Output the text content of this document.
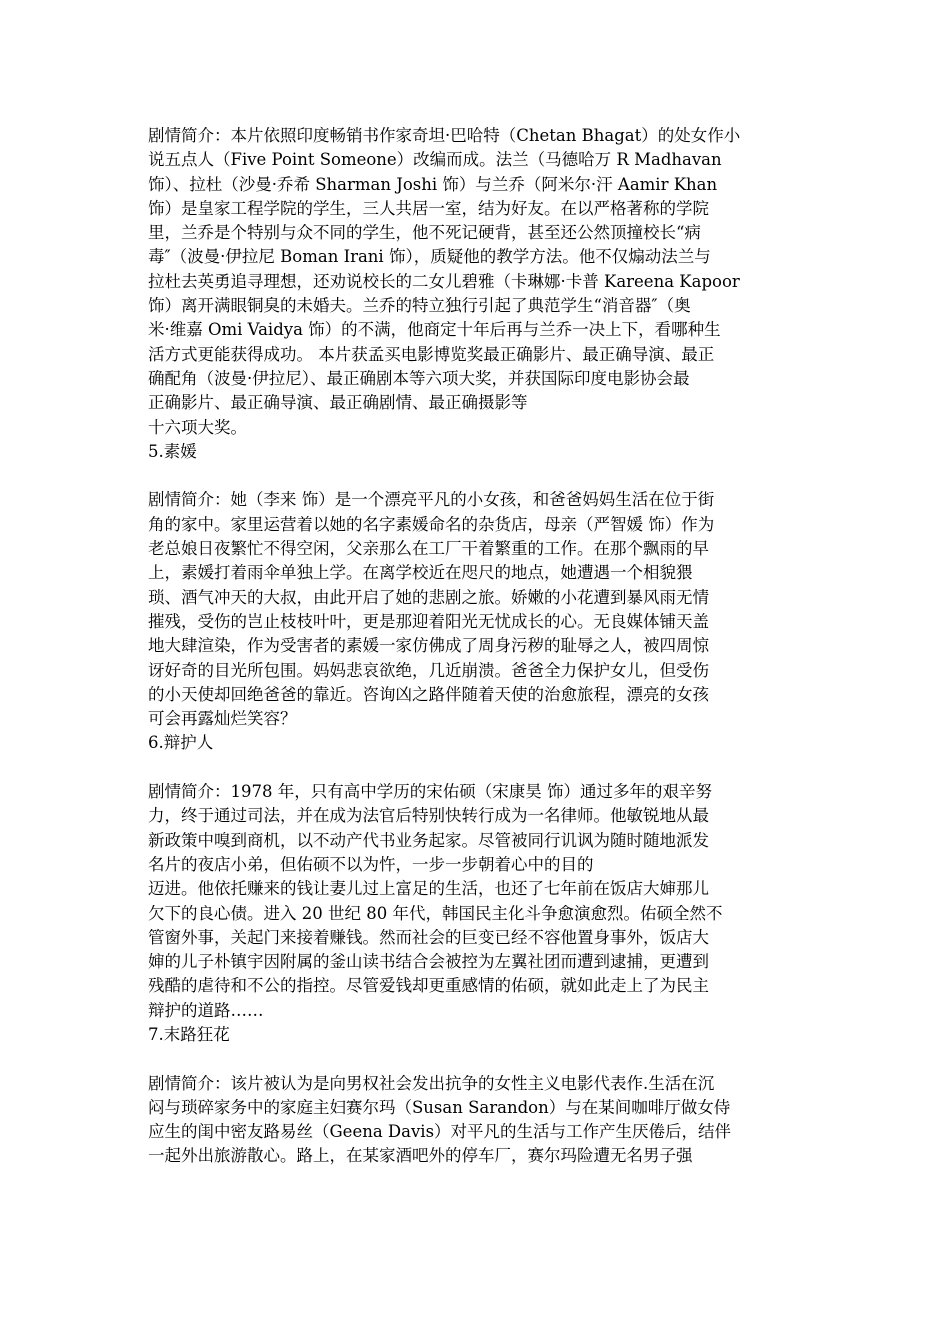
剧情简介：本片依照印度畅销书作家奇坦·巴哈特（Chetan Bhagat）的处女作小
说五点人（Five Point Someone）改编而成。法兰（马德哈万 R Madhavan
饰）、拉杜（沙曼·乔希 Sharman Joshi 饰）与兰乔（阿米尔·汗 Aamir Khan
饰）是皇家工程学院的学生，三人共居一室，结为好友。在以严格著称的学院
里，兰乔是个特别与众不同的学生，他不死记硬背，甚至还公然顶撞校长“病
毒″（波曼·伊拉尼 Boman Irani 饰），质疑他的教学方法。他不仅煽动法兰与
拉杜去英勇追寻理想，还劝说校长的二女儿碧雅（卡琳娜·卡普 Kareena Kapoor
饰）离开满眼铜臭的未婚夫。兰乔的特立独行引起了典范学生“消音器″（奥
米·维嘉 Omi Vaidya 饰）的不满，他商定十年后再与兰乔一决上下，看哪种生
活方式更能获得成功。 本片获孟买电影博览奖最正确影片、最正确导演、最正
确配角（波曼·伊拉尼）、最正确剧本等六项大奖，并获国际印度电影协会最
正确影片、最正确导演、最正确剧情、最正确摄影等
十六项大奖。
5.素媛
剧情简介：她（李来 饰）是一个漂亮平凡的小女孩，和爸爸妈妈生活在位于街
角的家中。家里运营着以她的名字素媛命名的杂货店，母亲（严智媛 饰）作为
老总娘日夜繁忙不得空闲，父亲那么在工厂干着繁重的工作。在那个飘雨的早
上，素媛打着雨伞单独上学。在离学校近在咫尺的地点，她遭遇一个相貌猥
琐、酒气冲天的大叔，由此开启了她的悲剧之旅。娇嫩的小花遭到暴风雨无情
摧残，受伤的岂止枝枝叶叶，更是那迎着阳光无忧成长的心。无良媒体铺天盖
地大肆渲染，作为受害者的素媛一家仿佛成了周身污秽的耻辱之人，被四周惊
讶好奇的目光所包围。妈妈悲哀欲绝，几近崩溃。爸爸全力保护女儿，但受伤
的小天使却回绝爸爸的靠近。咨询凶之路伴随着天使的治愈旅程，漂亮的女孩
可会再露灿烂笑容？
6.辩护人
剧情简介：1978 年，只有高中学历的宋佑硕（宋康昊 饰）通过多年的艰辛努
力，终于通过司法，并在成为法官后特别快转行成为一名律师。他敏锐地从最
新政策中嗅到商机，以不动产代书业务起家。尽管被同行讥讽为随时随地派发
名片的夜店小弟，但佑硕不以为忤，一步一步朝着心中的目的
迈进。他依托赚来的钱让妻儿过上富足的生活，也还了七年前在饭店大婶那儿
欠下的良心债。进入 20 世纪 80 年代，韩国民主化斗争愈演愈烈。佑硕全然不
管窗外事，关起门来接着赚钱。然而社会的巨变已经不容他置身事外，饭店大
婶的儿子朴镇宇因附属的釜山读书结合会被控为左翼社团而遭到逮捕，更遭到
残酷的虐待和不公的指控。尽管爱钱却更重感情的佑硕，就如此走上了为民主
辩护的道路……
7.末路狂花
剧情简介：该片被认为是向男权社会发出抗争的女性主义电影代表作.生活在沉
闷与琐碎家务中的家庭主妇赛尔玛（Susan Sarandon）与在某间咖啡厅做女侍
应生的闺中密友路易丝（Geena Davis）对平凡的生活与工作产生厌倦后，结伴
一起外出旅游散心。路上，在某家酒吧外的停车厂，赛尔玛险遭无名男子强
